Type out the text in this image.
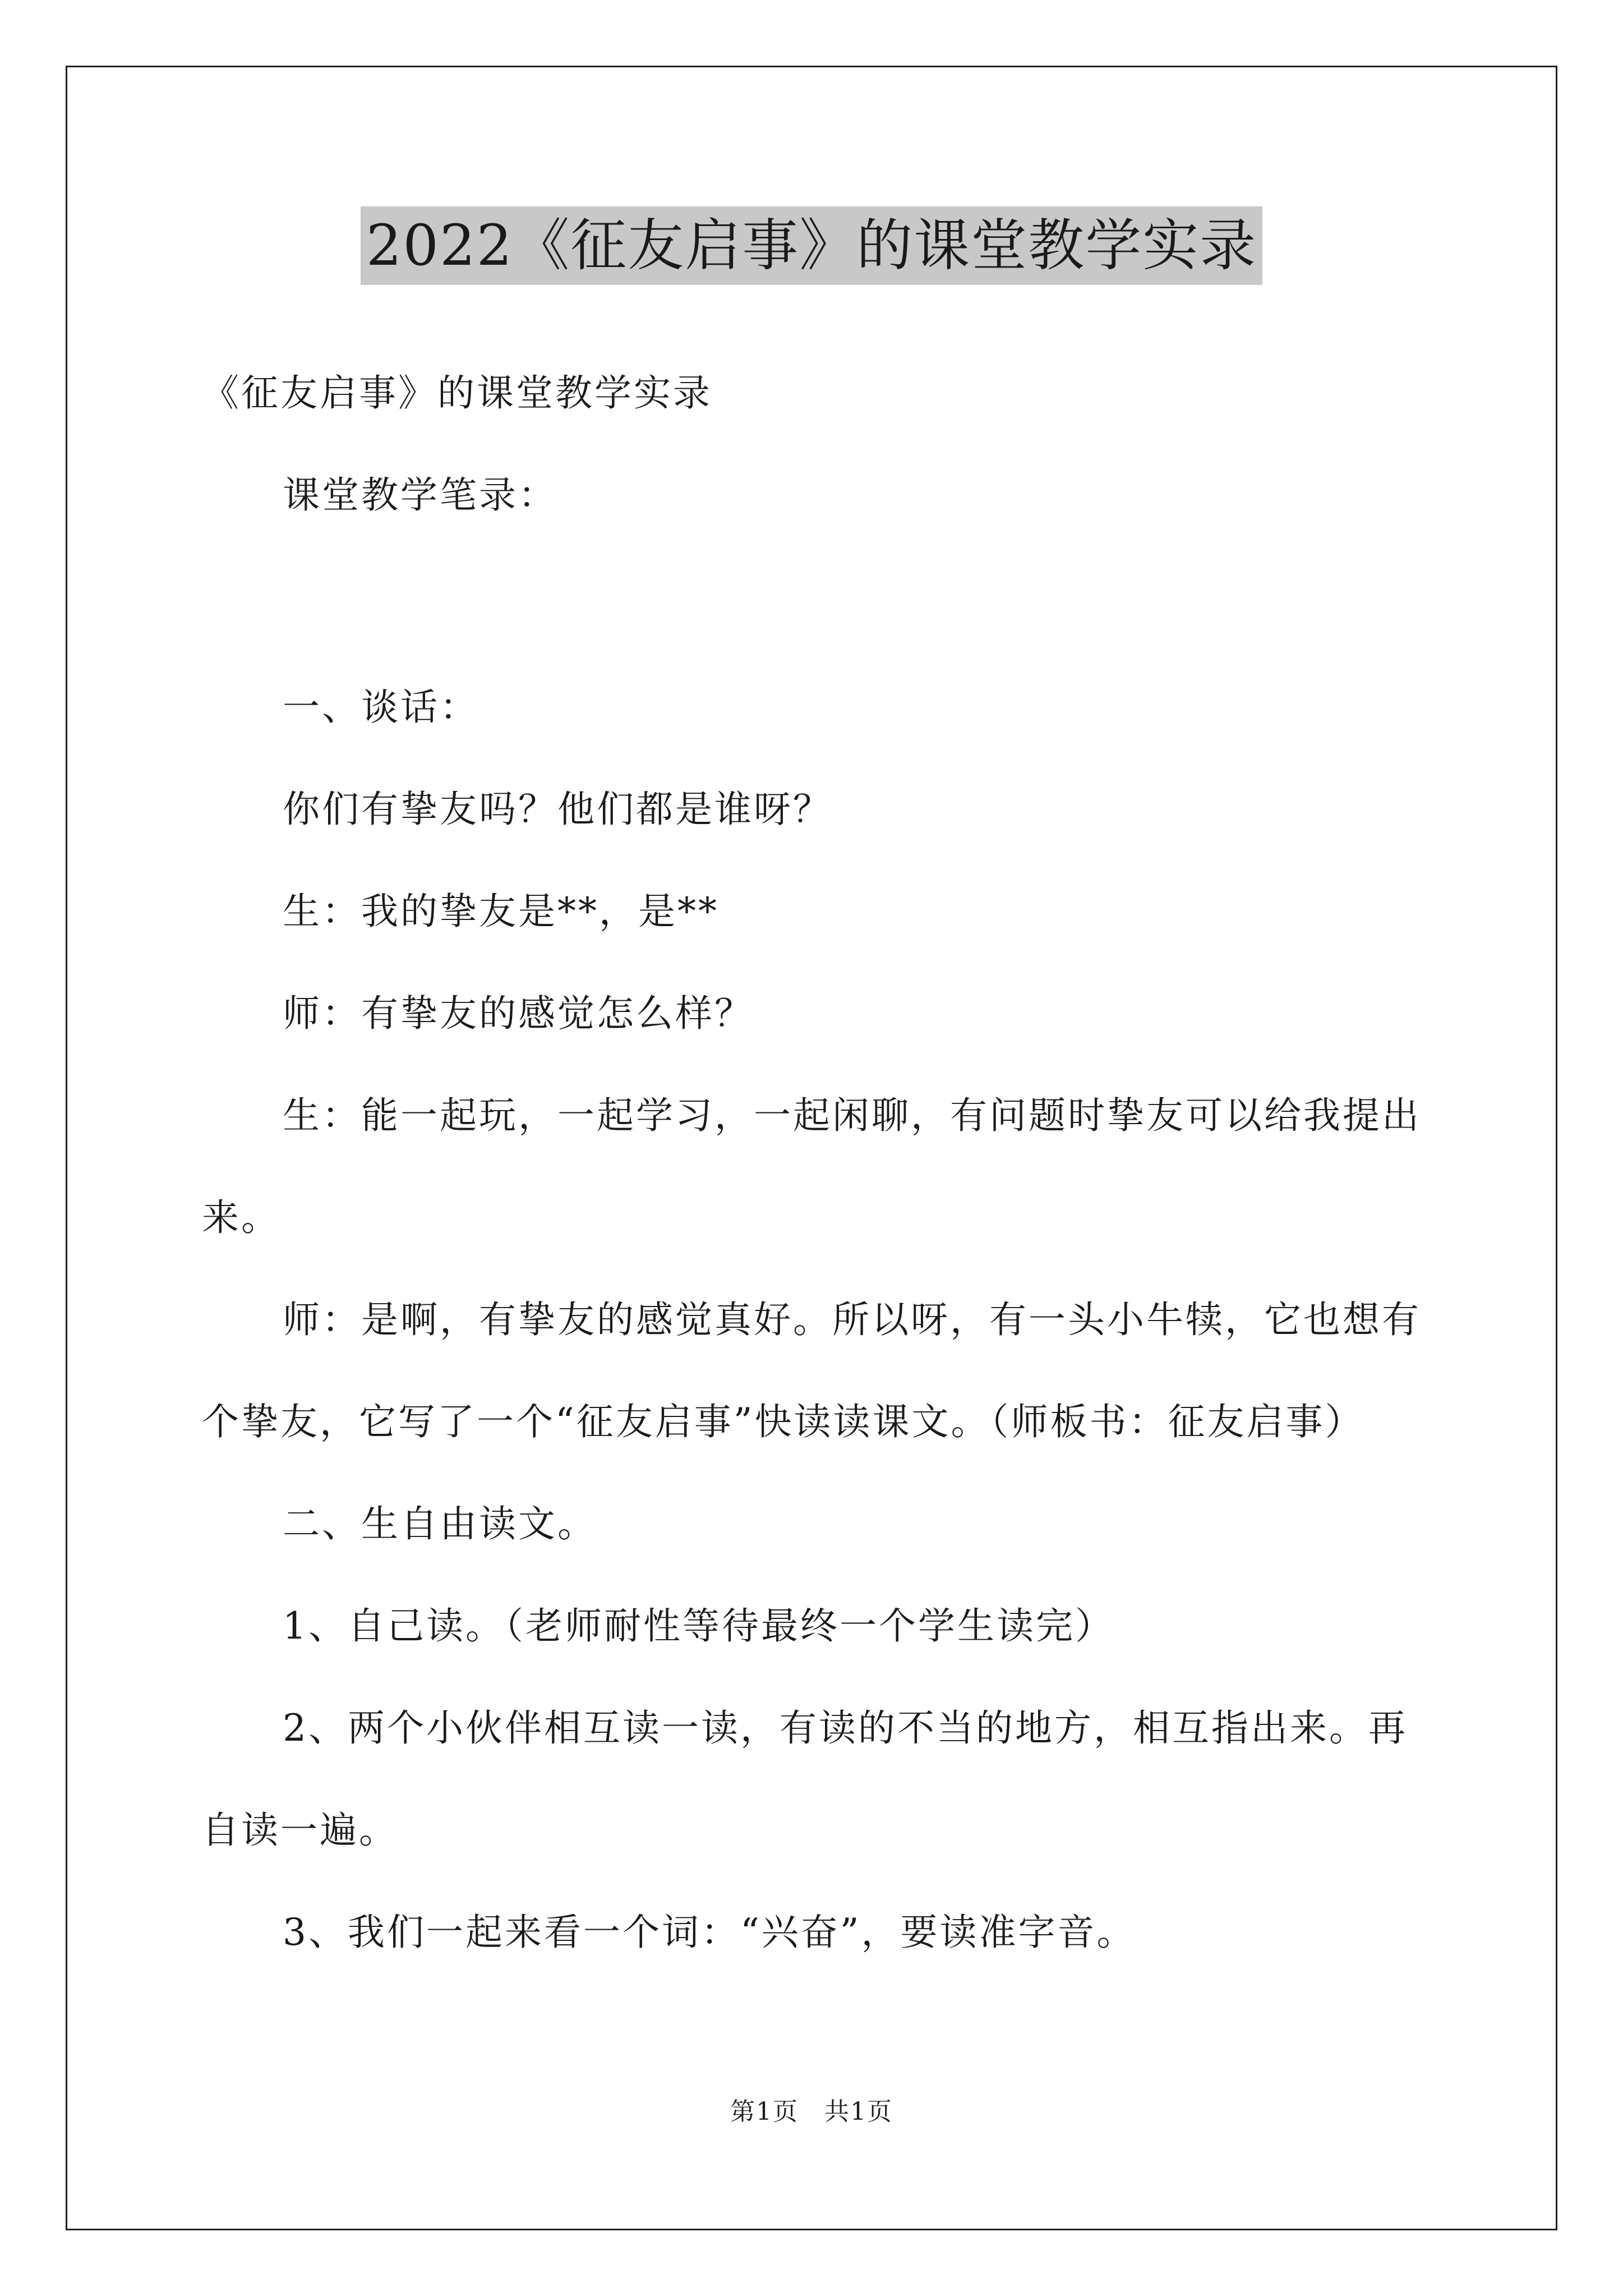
2022《征友启事》的课堂教学实录

《征友启事》的课堂教学实录

课堂教学笔录：

一、谈话：

你们有挚友吗？他们都是谁呀？

生：我的挚友是**，是**

师：有挚友的感觉怎么样？

生：能一起玩，一起学习，一起闲聊，有问题时挚友可以给我提出来。

师：是啊，有挚友的感觉真好。所以呀，有一头小牛犊，它也想有个挚友，它写了一个“征友启事”快读读课文。（师板书：征友启事）

二、生自由读文。

1、自己读。（老师耐性等待最终一个学生读完）

2、两个小伙伴相互读一读，有读的不当的地方，相互指出来。再自读一遍。

3、我们一起来看一个词：“兴奋”，要读准字音。

第1页　共1页
